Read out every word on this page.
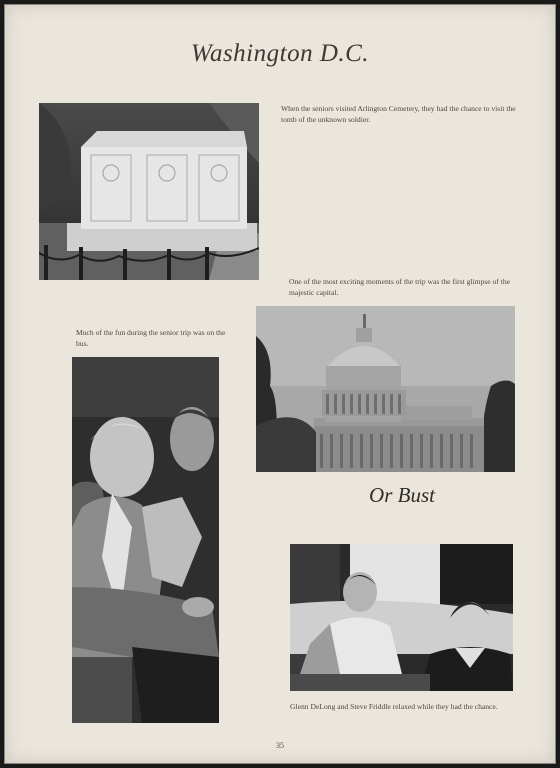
Washington D.C.
When the seniors visited Arlington Cemetery, they had the chance to visit the tomb of the unknown soldier.
One of the most exciting moments of the trip was the first glimpse of the majestic capital.
Much of the fun during the senior trip was on the bus.
Or Bust
Glenn DeLong and Steve Friddle relaxed while they had the chance.
35
